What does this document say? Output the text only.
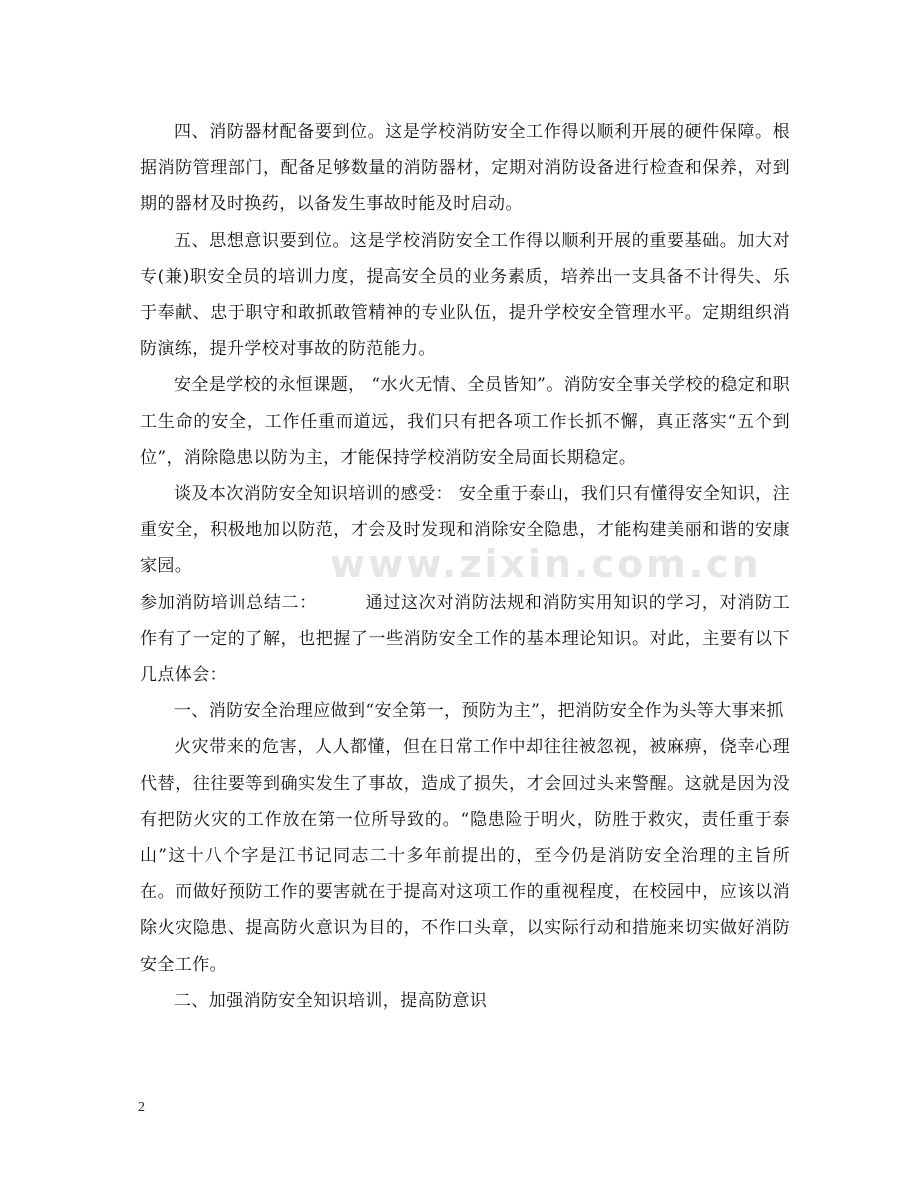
www.zixin.com.cn

四、消防器材配备要到位。这是学校消防安全工作得以顺利开展的硬件保障。根据消防管理部门，配备足够数量的消防器材，定期对消防设备进行检查和保养，对到期的器材及时换药，以备发生事故时能及时启动。

五、思想意识要到位。这是学校消防安全工作得以顺利开展的重要基础。加大对专(兼)职安全员的培训力度，提高安全员的业务素质，培养出一支具备不计得失、乐于奉献、忠于职守和敢抓敢管精神的专业队伍，提升学校安全管理水平。定期组织消防演练，提升学校对事故的防范能力。

安全是学校的永恒课题， “水火无情、全员皆知”。消防安全事关学校的稳定和职工生命的安全，工作任重而道远，我们只有把各项工作长抓不懈，真正落实“五个到位”，消除隐患以防为主，才能保持学校消防安全局面长期稳定。

谈及本次消防安全知识培训的感受： 安全重于泰山，我们只有懂得安全知识，注重安全，积极地加以防范，才会及时发现和消除安全隐患，才能构建美丽和谐的安康家园。

参加消防培训总结二：        通过这次对消防法规和消防实用知识的学习，对消防工作有了一定的了解，也把握了一些消防安全工作的基本理论知识。对此，主要有以下几点体会：

一、消防安全治理应做到“安全第一，预防为主”，把消防安全作为头等大事来抓

火灾带来的危害，人人都懂，但在日常工作中却往往被忽视，被麻痹，侥幸心理代替，往往要等到确实发生了事故，造成了损失，才会回过头来警醒。这就是因为没有把防火灾的工作放在第一位所导致的。“隐患险于明火，防胜于救灾，责任重于泰山”这十八个字是江书记同志二十多年前提出的，至今仍是消防安全治理的主旨所在。而做好预防工作的要害就在于提高对这项工作的重视程度，在校园中，应该以消除火灾隐患、提高防火意识为目的，不作口头章，以实际行动和措施来切实做好消防安全工作。

二、加强消防安全知识培训，提高防意识

2
